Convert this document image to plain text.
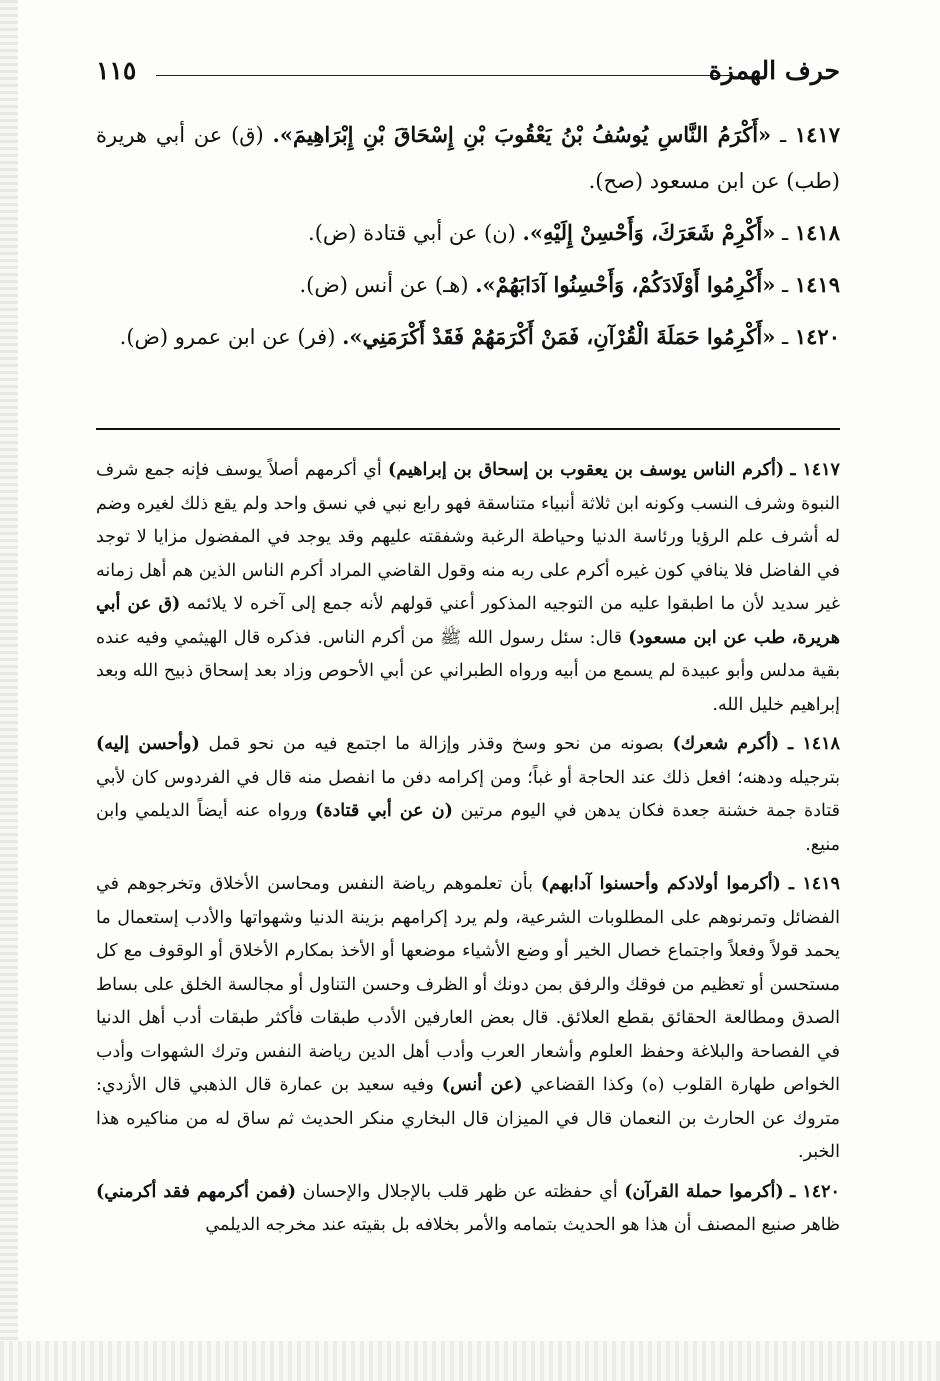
١١٥	حرف الهمزة

١٤١٧ ـ «أَكْرَمُ النَّاسِ يُوسُفُ بْنُ يَعْقُوبَ بْنِ إِسْحَاقَ بْنِ إِبْرَاهِيمَ». (ق) عن أبي هريرة (طب) عن ابن مسعود (صح).

١٤١٨ ـ «أَكْرِمْ شَعَرَكَ، وَأَحْسِنْ إِلَيْهِ». (ن) عن أبي قتادة (ض).

١٤١٩ ـ «أَكْرِمُوا أَوْلَادَكُمْ، وَأَحْسِنُوا آدَابَهُمْ». (هـ) عن أنس (ض).

١٤٢٠ ـ «أَكْرِمُوا حَمَلَةَ الْقُرْآنِ، فَمَنْ أَكْرَمَهُمْ فَقَدْ أَكْرَمَنِي». (فر) عن ابن عمرو (ض).

١٤١٧ ـ (أكرم الناس يوسف بن يعقوب بن إسحاق بن إبراهيم) أي أكرمهم أصلاً يوسف فإنه جمع شرف النبوة وشرف النسب وكونه ابن ثلاثة أنبياء متناسقة فهو رابع نبي في نسق واحد ولم يقع ذلك لغيره وضم له أشرف علم الرؤيا ورئاسة الدنيا وحياطة الرغبة وشفقته عليهم وقد يوجد في المفضول مزايا لا توجد في الفاضل فلا ينافي كون غيره أكرم على ربه منه وقول القاضي المراد أكرم الناس الذين هم أهل زمانه غير سديد لأن ما اطبقوا عليه من التوجيه المذكور أعني قولهم لأنه جمع إلى آخره لا يلائمه (ق عن أبي هريرة، طب عن ابن مسعود) قال: سئل رسول الله ﷺ من أكرم الناس. فذكره قال الهيثمي وفيه عنده بقية مدلس وأبو عبيدة لم يسمع من أبيه ورواه الطبراني عن أبي الأحوص وزاد بعد إسحاق ذبيح الله وبعد إبراهيم خليل الله.

١٤١٨ ـ (أكرم شعرك) بصونه من نحو وسخ وقذر وإزالة ما اجتمع فيه من نحو قمل (وأحسن إليه) بترجيله ودهنه؛ افعل ذلك عند الحاجة أو غباً؛ ومن إكرامه دفن ما انفصل منه قال في الفردوس كان لأبي قتادة جمة خشنة جعدة فكان يدهن في اليوم مرتين (ن عن أبي قتادة) ورواه عنه أيضاً الديلمي وابن منيع.

١٤١٩ ـ (أكرموا أولادكم وأحسنوا آدابهم) بأن تعلموهم رياضة النفس ومحاسن الأخلاق وتخرجوهم في الفضائل وتمرنوهم على المطلوبات الشرعية، ولم يرد إكرامهم بزينة الدنيا وشهواتها والأدب إستعمال ما يحمد قولاً وفعلاً واجتماع خصال الخير أو وضع الأشياء موضعها أو الأخذ بمكارم الأخلاق أو الوقوف مع كل مستحسن أو تعظيم من فوقك والرفق بمن دونك أو الظرف وحسن التناول أو مجالسة الخلق على بساط الصدق ومطالعة الحقائق بقطع العلائق. قال بعض العارفين الأدب طبقات فأكثر طبقات أدب أهل الدنيا في الفصاحة والبلاغة وحفظ العلوم وأشعار العرب وأدب أهل الدين رياضة النفس وترك الشهوات وأدب الخواص طهارة القلوب (ه) وكذا القضاعي (عن أنس) وفيه سعيد بن عمارة قال الذهبي قال الأزدي: متروك عن الحارث بن النعمان قال في الميزان قال البخاري منكر الحديث ثم ساق له من مناكيره هذا الخبر.

١٤٢٠ ـ (أكرموا حملة القرآن) أي حفظته عن ظهر قلب بالإجلال والإحسان (فمن أكرمهم فقد أكرمني) ظاهر صنيع المصنف أن هذا هو الحديث بتمامه والأمر بخلافه بل بقيته عند مخرجه الديلمي
